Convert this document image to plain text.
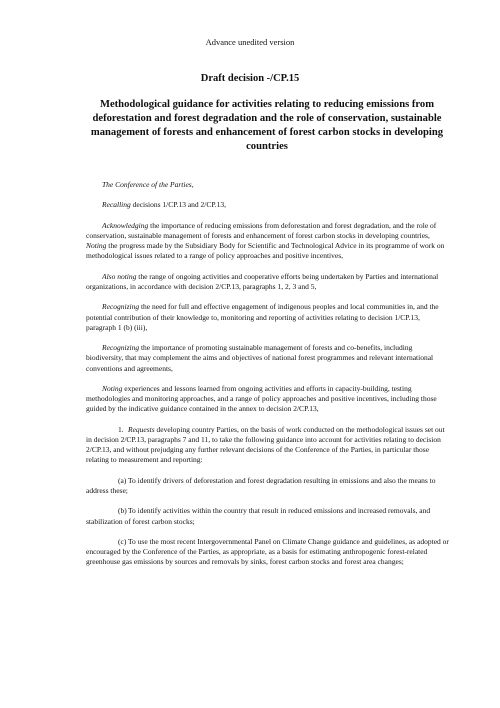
Advance unedited version
Draft decision -/CP.15
Methodological guidance for activities relating to reducing emissions from deforestation and forest degradation and the role of conservation, sustainable management of forests and enhancement of forest carbon stocks in developing countries

The Conference of the Parties,

Recalling decisions 1/CP.13 and 2/CP.13,

Acknowledging the importance of reducing emissions from deforestation and forest degradation, and the role of conservation, sustainable management of forests and enhancement of forest carbon stocks in developing countries, Noting the progress made by the Subsidiary Body for Scientific and Technological Advice in its programme of work on methodological issues related to a range of policy approaches and positive incentives,

Also noting the range of ongoing activities and cooperative efforts being undertaken by Parties and international organizations, in accordance with decision 2/CP.13, paragraphs 1, 2, 3 and 5,

Recognizing the need for full and effective engagement of indigenous peoples and local communities in, and the potential contribution of their knowledge to, monitoring and reporting of activities relating to decision 1/CP.13, paragraph 1 (b) (iii),

Recognizing the importance of promoting sustainable management of forests and co-benefits, including biodiversity, that may complement the aims and objectives of national forest programmes and relevant international conventions and agreements,

Noting experiences and lessons learned from ongoing activities and efforts in capacity-building, testing methodologies and monitoring approaches, and a range of policy approaches and positive incentives, including those guided by the indicative guidance contained in the annex to decision 2/CP.13,

1. Requests developing country Parties, on the basis of work conducted on the methodological issues set out in decision 2/CP.13, paragraphs 7 and 11, to take the following guidance into account for activities relating to decision 2/CP.13, and without prejudging any further relevant decisions of the Conference of the Parties, in particular those relating to measurement and reporting:

(a) To identify drivers of deforestation and forest degradation resulting in emissions and also the means to address these;

(b)To identify activities within the country that result in reduced emissions and increased removals, and stabilization of forest carbon stocks;

(c) To use the most recent Intergovernmental Panel on Climate Change guidance and guidelines, as adopted or encouraged by the Conference of the Parties, as appropriate, as a basis for estimating anthropogenic forest-related greenhouse gas emissions by sources and removals by sinks, forest carbon stocks and forest area changes;
